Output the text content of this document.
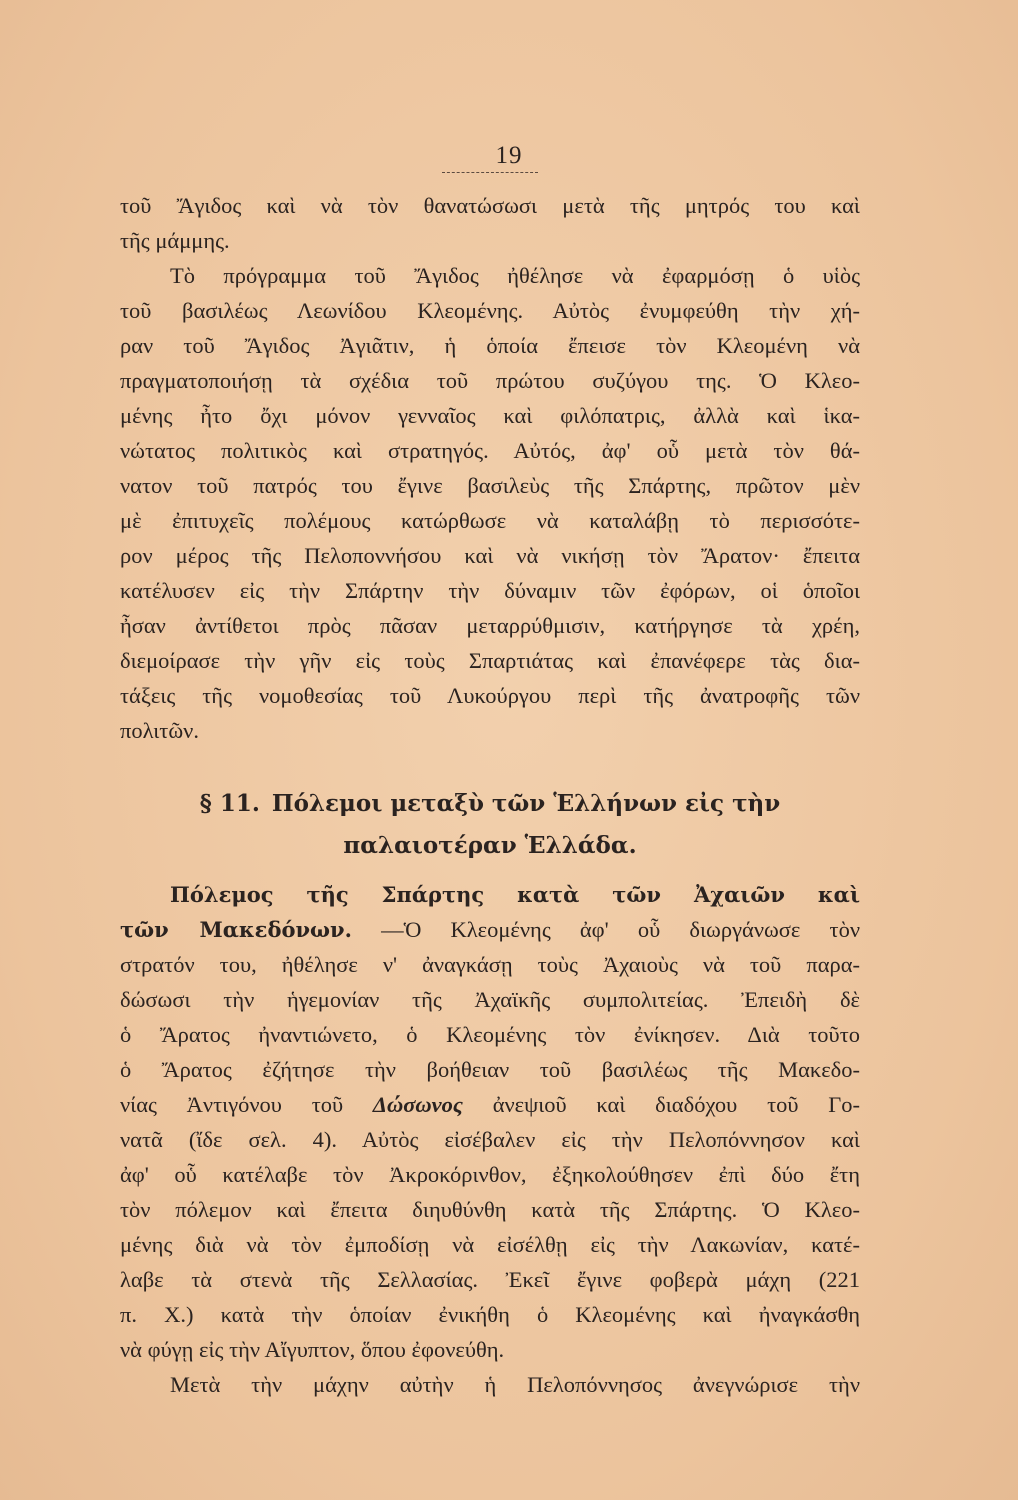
19
τοῦ Ἄγιδος καὶ νὰ τὸν θανατώσωσι μετὰ τῆς μητρός του καὶ
τῆς μάμμης.
Τὸ πρόγραμμα τοῦ Ἄγιδος ἠθέλησε νὰ ἐφαρμόσῃ ὁ υἱὸς
τοῦ βασιλέως Λεωνίδου Κλεομένης. Αὐτὸς ἐνυμφεύθη τὴν χή-
ραν τοῦ Ἄγιδος Ἀγιᾶτιν, ἡ ὁποία ἔπεισε τὸν Κλεομένη νὰ
πραγματοποιήσῃ τὰ σχέδια τοῦ πρώτου συζύγου της. Ὁ Κλεο-
μένης ἦτο ὄχι μόνον γενναῖος καὶ φιλόπατρις, ἀλλὰ καὶ ἱκα-
νώτατος πολιτικὸς καὶ στρατηγός. Αὐτός, ἀφ' οὗ μετὰ τὸν θά-
νατον τοῦ πατρός του ἔγινε βασιλεὺς τῆς Σπάρτης, πρῶτον μὲν
μὲ ἐπιτυχεῖς πολέμους κατώρθωσε νὰ καταλάβῃ τὸ περισσότε-
ρον μέρος τῆς Πελοποννήσου καὶ νὰ νικήσῃ τὸν Ἄρατον· ἔπειτα
κατέλυσεν εἰς τὴν Σπάρτην τὴν δύναμιν τῶν ἐφόρων, οἱ ὁποῖοι
ἦσαν ἀντίθετοι πρὸς πᾶσαν μεταρρύθμισιν, κατήργησε τὰ χρέη,
διεμοίρασε τὴν γῆν εἰς τοὺς Σπαρτιάτας καὶ ἐπανέφερε τὰς δια-
τάξεις τῆς νομοθεσίας τοῦ Λυκούργου περὶ τῆς ἀνατροφῆς τῶν
πολιτῶν.
§ 11. Πόλεμοι μεταξὺ τῶν Ἑλλήνων εἰς τὴν
παλαιοτέραν Ἑλλάδα.
Πόλεμος τῆς Σπάρτης κατὰ τῶν Ἀχαιῶν καὶ
τῶν Μακεδόνων. —Ὁ Κλεομένης ἀφ' οὗ διωργάνωσε τὸν
στρατόν του, ἠθέλησε ν' ἀναγκάσῃ τοὺς Ἀχαιοὺς νὰ τοῦ παρα-
δώσωσι τὴν ἡγεμονίαν τῆς Ἀχαϊκῆς συμπολιτείας. Ἐπειδὴ δὲ
ὁ Ἄρατος ἠναντιώνετο, ὁ Κλεομένης τὸν ἐνίκησεν. Διὰ τοῦτο
ὁ Ἄρατος ἐζήτησε τὴν βοήθειαν τοῦ βασιλέως τῆς Μακεδο-
νίας Ἀντιγόνου τοῦ Δώσωνος ἀνεψιοῦ καὶ διαδόχου τοῦ Γο-
νατᾶ (ἴδε σελ. 4). Αὐτὸς εἰσέβαλεν εἰς τὴν Πελοπόννησον καὶ
ἀφ' οὗ κατέλαβε τὸν Ἀκροκόρινθον, ἐξηκολούθησεν ἐπὶ δύο ἔτη
τὸν πόλεμον καὶ ἔπειτα διηυθύνθη κατὰ τῆς Σπάρτης. Ὁ Κλεο-
μένης διὰ νὰ τὸν ἐμποδίσῃ νὰ εἰσέλθῃ εἰς τὴν Λακωνίαν, κατέ-
λαβε τὰ στενὰ τῆς Σελλασίας. Ἐκεῖ ἔγινε φοβερὰ μάχη (221
π. Χ.) κατὰ τὴν ὁποίαν ἐνικήθη ὁ Κλεομένης καὶ ἠναγκάσθη
νὰ φύγῃ εἰς τὴν Αἴγυπτον, ὅπου ἐφονεύθη.
Μετὰ τὴν μάχην αὐτὴν ἡ Πελοπόννησος ἀνεγνώρισε τὴν
